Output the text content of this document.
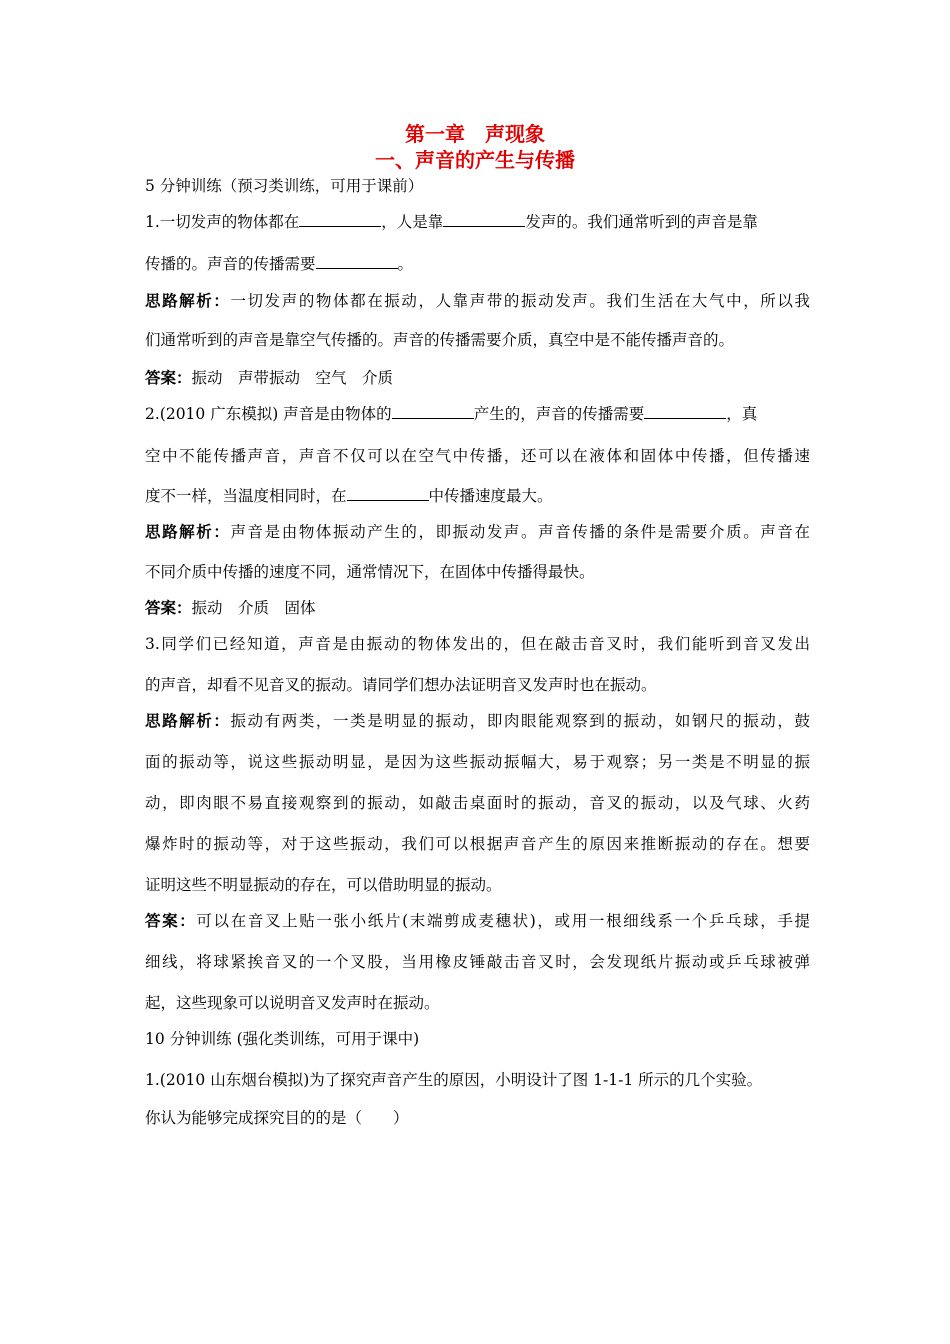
第一章　声现象
一、声音的产生与传播
5 分钟训练（预习类训练，可用于课前）
1.一切发声的物体都在	，人是靠	发声的。我们通常听到的声音是靠
传播的。声音的传播需要	。
思路解析：一切发声的物体都在振动，人靠声带的振动发声。我们生活在大气中，所以我
们通常听到的声音是靠空气传播的。声音的传播需要介质，真空中是不能传播声音的。
答案：振动　声带振动　空气　介质
2.(2010 广东模拟) 声音是由物体的	产生的，声音的传播需要	，真
空中不能传播声音，声音不仅可以在空气中传播，还可以在液体和固体中传播，但传播速
度不一样，当温度相同时，在	中传播速度最大。
思路解析：声音是由物体振动产生的，即振动发声。声音传播的条件是需要介质。声音在
不同介质中传播的速度不同，通常情况下，在固体中传播得最快。
答案：振动　介质　固体
3.同学们已经知道，声音是由振动的物体发出的，但在敲击音叉时，我们能听到音叉发出
的声音，却看不见音叉的振动。请同学们想办法证明音叉发声时也在振动。
思路解析：振动有两类，一类是明显的振动，即肉眼能观察到的振动，如钢尺的振动，鼓
面的振动等，说这些振动明显，是因为这些振动振幅大，易于观察；另一类是不明显的振
动，即肉眼不易直接观察到的振动，如敲击桌面时的振动，音叉的振动，以及气球、火药
爆炸时的振动等，对于这些振动，我们可以根据声音产生的原因来推断振动的存在。想要
证明这些不明显振动的存在，可以借助明显的振动。
答案：可以在音叉上贴一张小纸片(末端剪成麦穗状)，或用一根细线系一个乒乓球，手提
细线，将球紧挨音叉的一个叉股，当用橡皮锤敲击音叉时，会发现纸片振动或乒乓球被弹
起，这些现象可以说明音叉发声时在振动。
10 分钟训练 (强化类训练，可用于课中)
1.(2010 山东烟台模拟)为了探究声音产生的原因，小明设计了图 1-1-1 所示的几个实验。
你认为能够完成探究目的的是（　　）
